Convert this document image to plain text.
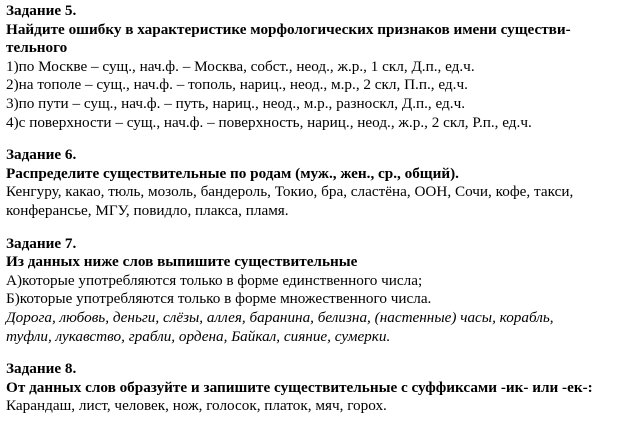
Задание 5.

Найдите ошибку в характеристике морфологических признаков имени существи-

тельного

1)по Москве – сущ., нач.ф. – Москва, собст., неод., ж.р., 1 скл, Д.п., ед.ч.

2)на тополе – сущ., нач.ф. – тополь, нариц., неод., м.р., 2 скл, П.п., ед.ч.

3)по пути – сущ., нач.ф. – путь, нариц., неод., м.р., разноскл, Д.п., ед.ч.

4)с поверхности – сущ., нач.ф. – поверхность, нариц., неод., ж.р., 2 скл, Р.п., ед.ч.

Задание 6.

Распределите существительные по родам (муж., жен., ср., общий).

Кенгуру, какао, тюль, мозоль, бандероль, Токио, бра, сластёна, ООН, Сочи, кофе, такси,

конферансье, МГУ, повидло, плакса, пламя.

Задание 7.

Из данных ниже слов выпишите существительные

А)которые употребляются только в форме единственного числа;

Б)которые употребляются только в форме множественного числа.

Дорога, любовь, деньги, слёзы, аллея, баранина, белизна, (настенные) часы, корабль,

туфли, лукавство, грабли, ордена, Байкал, сияние, сумерки.

Задание 8.

От данных слов образуйте и запишите существительные с суффиксами -ик- или -ек-:

Карандаш, лист, человек, нож, голосок, платок, мяч, горох.
